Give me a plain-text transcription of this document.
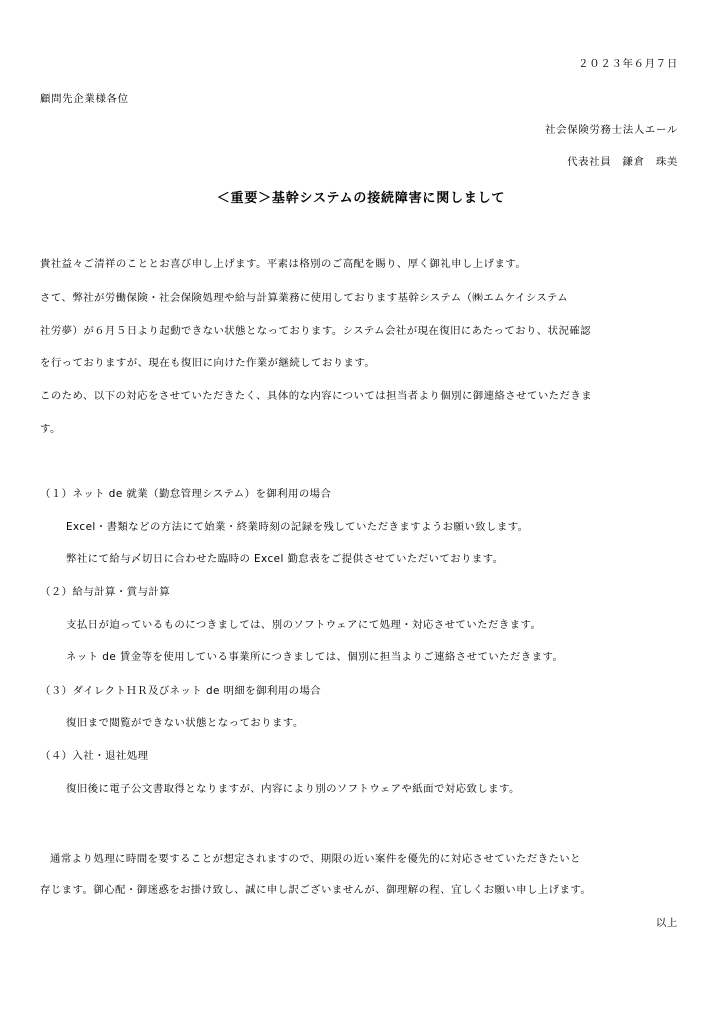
２０２３年６月７日
顧問先企業様各位
社会保険労務士法人エール
代表社員　鎌倉　珠美
＜重要＞基幹システムの接続障害に関しまして
貴社益々ご清祥のこととお喜び申し上げます。平素は格別のご高配を賜り、厚く御礼申し上げます。
さて、弊社が労働保険・社会保険処理や給与計算業務に使用しております基幹システム（㈱エムケイシステム
社労夢）が６月５日より起動できない状態となっております。システム会社が現在復旧にあたっており、状況確認
を行っておりますが、現在も復旧に向けた作業が継続しております。
このため、以下の対応をさせていただきたく、具体的な内容については担当者より個別に御連絡させていただきま
す。
（１）ネット de 就業（勤怠管理システム）を御利用の場合
Excel・書類などの方法にて始業・終業時刻の記録を残していただきますようお願い致します。
弊社にて給与〆切日に合わせた臨時の Excel 勤怠表をご提供させていただいております。
（２）給与計算・賞与計算
支払日が迫っているものにつきましては、別のソフトウェアにて処理・対応させていただきます。
ネット de 賃金等を使用している事業所につきましては、個別に担当よりご連絡させていただきます。
（３）ダイレクトＨＲ及びネット de 明細を御利用の場合
復旧まで閲覧ができない状態となっております。
（４）入社・退社処理
復旧後に電子公文書取得となりますが、内容により別のソフトウェアや紙面で対応致します。
通常より処理に時間を要することが想定されますので、期限の近い案件を優先的に対応させていただきたいと
存じます。御心配・御迷惑をお掛け致し、誠に申し訳ございませんが、御理解の程、宜しくお願い申し上げます。
以上
